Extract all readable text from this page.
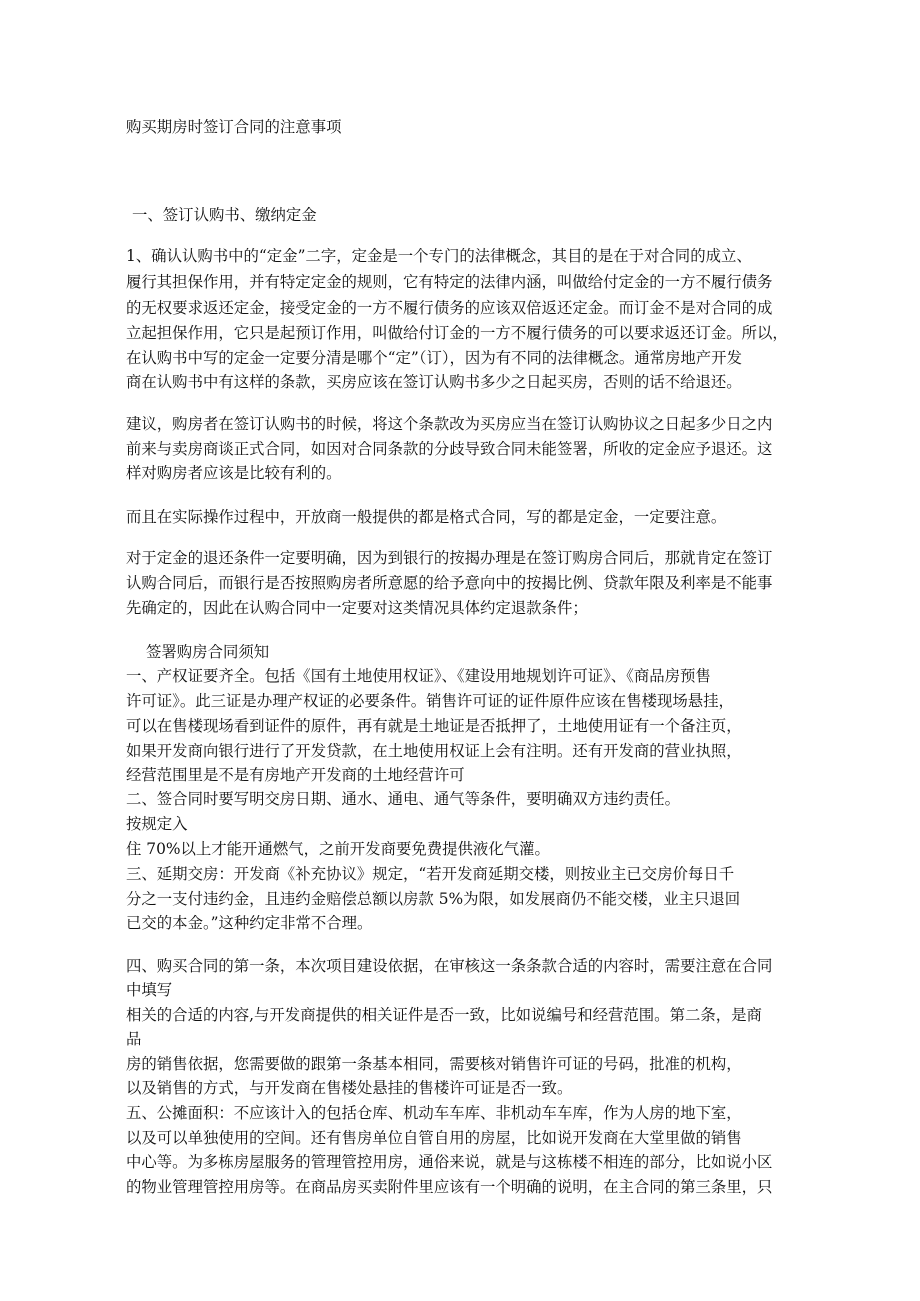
购买期房时签订合同的注意事项
一、签订认购书、缴纳定金
1、确认认购书中的“定金”二字，定金是一个专门的法律概念，其目的是在于对合同的成立、
履行其担保作用，并有特定定金的规则，它有特定的法律内涵，叫做给付定金的一方不履行债务
的无权要求返还定金，接受定金的一方不履行债务的应该双倍返还定金。而订金不是对合同的成
立起担保作用，它只是起预订作用，叫做给付订金的一方不履行债务的可以要求返还订金。所以，
在认购书中写的定金一定要分清是哪个“定”（订），因为有不同的法律概念。通常房地产开发
商在认购书中有这样的条款，买房应该在签订认购书多少之日起买房，否则的话不给退还。
建议，购房者在签订认购书的时候，将这个条款改为买房应当在签订认购协议之日起多少日之内
前来与卖房商谈正式合同，如因对合同条款的分歧导致合同未能签署，所收的定金应予退还。这
样对购房者应该是比较有利的。
而且在实际操作过程中，开放商一般提供的都是格式合同，写的都是定金，一定要注意。
对于定金的退还条件一定要明确，因为到银行的按揭办理是在签订购房合同后，那就肯定在签订
认购合同后，而银行是否按照购房者所意愿的给予意向中的按揭比例、贷款年限及利率是不能事
先确定的，因此在认购合同中一定要对这类情况具体约定退款条件；
签署购房合同须知
一、产权证要齐全。包括《国有土地使用权证》、《建设用地规划许可证》、《商品房预售
许可证》。此三证是办理产权证的必要条件。销售许可证的证件原件应该在售楼现场悬挂，
可以在售楼现场看到证件的原件，再有就是土地证是否抵押了，土地使用证有一个备注页，
如果开发商向银行进行了开发贷款，在土地使用权证上会有注明。还有开发商的营业执照，
经营范围里是不是有房地产开发商的土地经营许可
二、签合同时要写明交房日期、通水、通电、通气等条件，要明确双方违约责任。
按规定入
住 70%以上才能开通燃气，之前开发商要免费提供液化气灌。
三、延期交房：开发商《补充协议》规定，“若开发商延期交楼，则按业主已交房价每日千
分之一支付违约金，且违约金赔偿总额以房款 5%为限，如发展商仍不能交楼，业主只退回
已交的本金。”这种约定非常不合理。
四、购买合同的第一条，本次项目建设依据，在审核这一条条款合适的内容时，需要注意在合同
中填写
相关的合适的内容,与开发商提供的相关证件是否一致，比如说编号和经营范围。第二条，是商
品
房的销售依据，您需要做的跟第一条基本相同，需要核对销售许可证的号码，批准的机构，
以及销售的方式，与开发商在售楼处悬挂的售楼许可证是否一致。
五、公摊面积：不应该计入的包括仓库、机动车车库、非机动车车库，作为人房的地下室，
以及可以单独使用的空间。还有售房单位自管自用的房屋，比如说开发商在大堂里做的销售
中心等。为多栋房屋服务的管理管控用房，通俗来说，就是与这栋楼不相连的部分，比如说小区
的物业管理管控用房等。在商品房买卖附件里应该有一个明确的说明，在主合同的第三条里，只
